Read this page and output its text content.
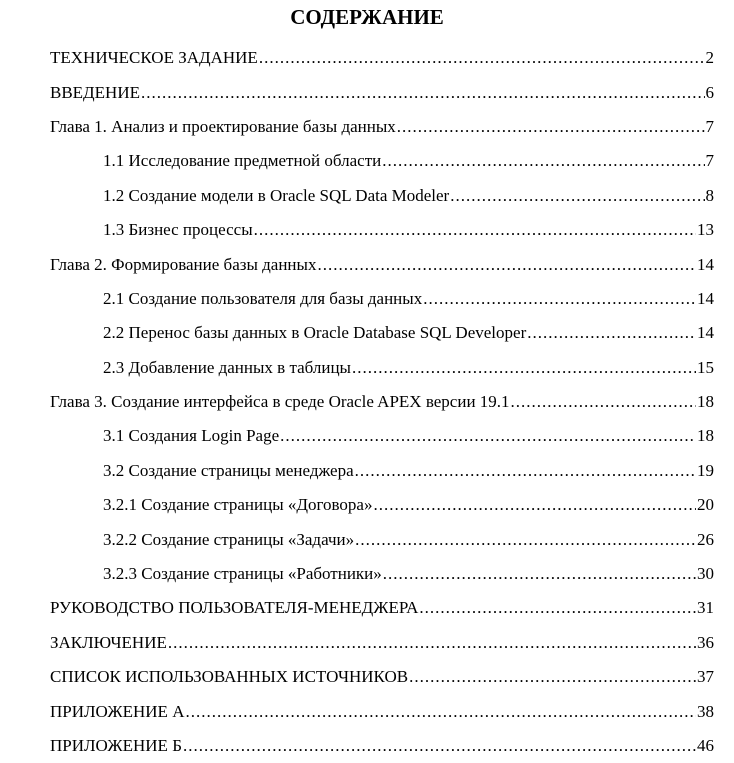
СОДЕРЖАНИЕ
ТЕХНИЧЕСКОЕ ЗАДАНИЕ .....	2
ВВЕДЕНИЕ .....	6
Глава 1. Анализ и проектирование базы данных .....	7
1.1 Исследование предметной области .....	7
1.2 Создание модели в Oracle SQL Data Modeler .....	8
1.3 Бизнес процессы .....	13
Глава 2. Формирование базы данных .....	14
2.1 Создание пользователя для базы данных .....	14
2.2 Перенос базы данных в Oracle Database SQL Developer .....	14
2.3 Добавление данных в таблицы .....	15
Глава 3. Создание интерфейса в среде Oracle APEX версии 19.1 .....	18
3.1 Создания Login Page .....	18
3.2 Создание страницы менеджера .....	19
3.2.1 Создание страницы «Договора» .....	20
3.2.2 Создание страницы «Задачи» .....	26
3.2.3 Создание страницы «Работники» .....	30
РУКОВОДСТВО ПОЛЬЗОВАТЕЛЯ-МЕНЕДЖЕРА .....	31
ЗАКЛЮЧЕНИЕ .....	36
СПИСОК ИСПОЛЬЗОВАННЫХ ИСТОЧНИКОВ .....	37
ПРИЛОЖЕНИЕ А .....	38
ПРИЛОЖЕНИЕ Б .....	46
